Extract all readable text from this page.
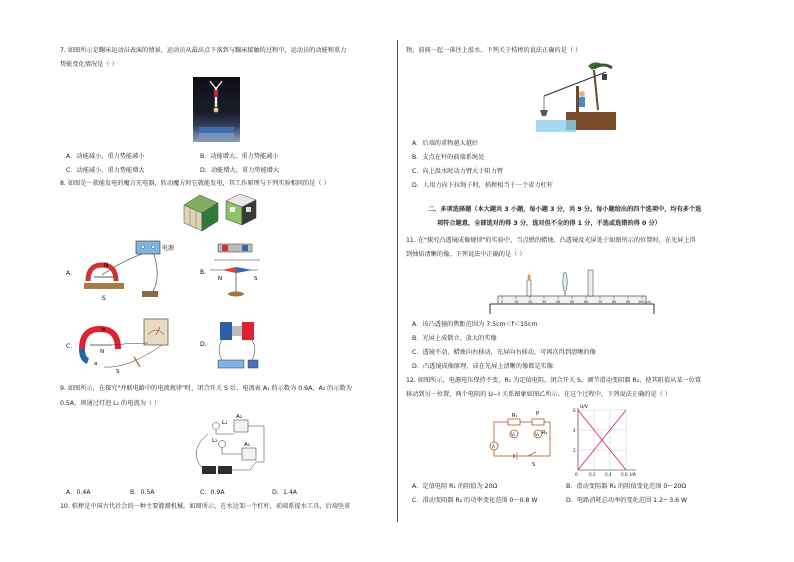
7. 如图所示是蹦床运动员表演的情景，运动员从最高点下落到与蹦床接触的过程中，运动员的动能和重力
势能变化情况是（ ）
A．动能减小，重力势能减小	B．动能增大，重力势能减小
C．动能减小，重力势能增大	D．动能增大，重力势能增大
8. 如图是一款能发电的魔方充电器，转动魔方时它就能发电，其工作原理与下列实验相同的是（ ）
A.
电源
N
S
B.
N	S
C.
b
N
a
S
D.
9. 如图所示，在探究"并联电路中的电流规律"时，闭合开关 S 后，电流表 A₁ 的示数为 0.9A，A₂ 的示数为
0.5A，则通过灯泡 L₁ 的电流为（ ）
A₂
A₁
L₁
L₂
A．0.4A	B．0.5A	C．0.9A	D．1.4A
10. 桔槔是中国古代社会的一种主要灌溉机械。如图所示，在水边架一个杠杆，前端系提水工具，后端坠重
物，前间一起一落往上汲水。下列关于桔槔的说法正确的是（ ）
A．后端的重物越大越好
B．支点在杆的前端系绳处
C．向上汲水时动力臂大于阻力臂
D．人用力向下拉绳子时，桔槔相当于一个省力杠杆
二、多项选择题（本大题共 3 小题，每小题 3 分，共 9 分。每小题给出的四个选项中，均有多个选
项符合题意，全部选对的得 3 分，选对但不全的得 1 分，不选或选错的得 0 分）
11. 在"探究凸透镜成像规律"的实验中，当点燃的蜡烛、凸透镜及光屏处于如图所示的位置时，在光屏上得
到烛焰清晰的像。下列说法中正确的是（ ）
0	10	20	30	40	50	60	70	80	90 100 cm
A．该凸透镜的焦距范围为 7.5cm＜f＜15cm
B．光屏上成倒立、放大的实像
C．透镜不动，蜡烛向右移动，光屏向右移动，可再次得到清晰的像
D．凸透镜成像原理，成在光屏上清晰的像都是实像
12. 如图所示，电源电压保持不变，R₁ 为定值电阻，闭合开关 S，调节滑动变阻器 R₂，使其阻值从某一位置
移动到另一位置，两个电阻的 U−I 关系图象如图乙所示。在这个过程中，下列说法正确的是（ ）
R₁
R₂
P
V₁	V₂
A
S
U/V
I/A
2
4
6
0	0.2 0.4 0.6
A．定值电阻 R₁ 的阻值为 20Ω	B．滑动变阻器 R₂ 的阻值变化范围 0～20Ω
C．滑动变阻器 R₂ 的功率变化范围 0～0.8 W	D．电路消耗总功率的变化范围 1.2～3.6 W
